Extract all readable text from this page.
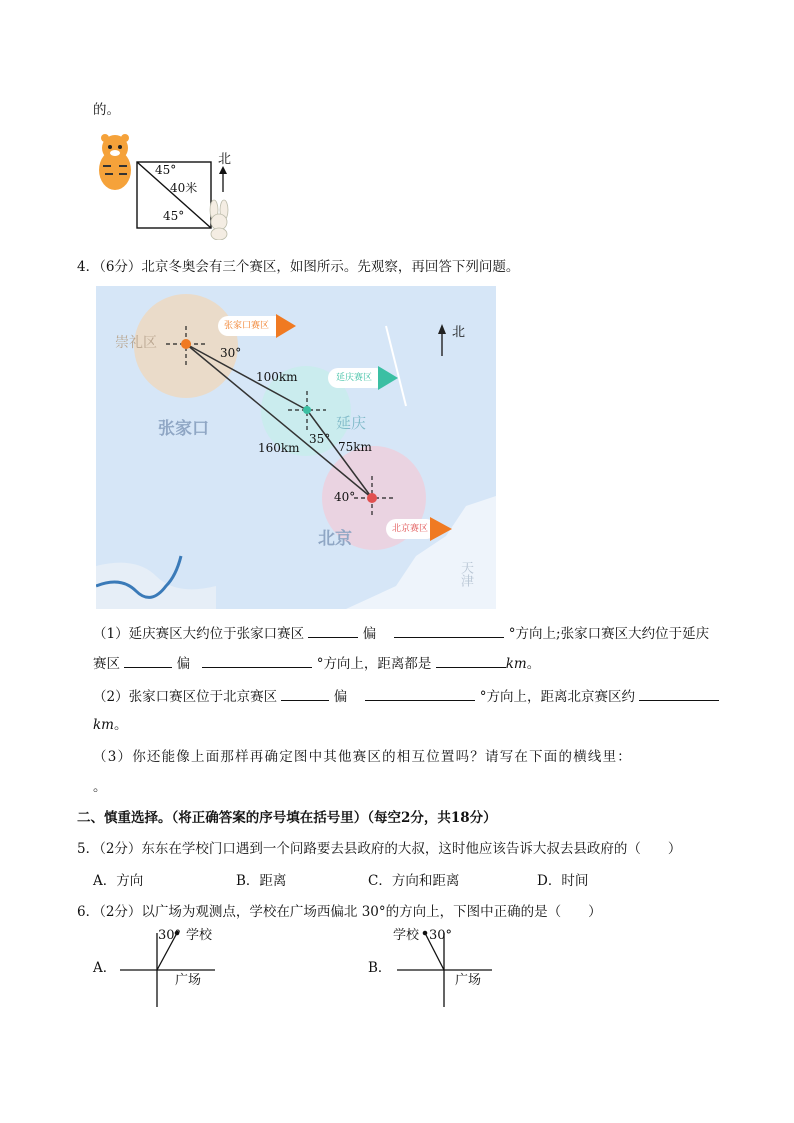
的。
45°
40米
45°
北
4．（6分）北京冬奥会有三个赛区，如图所示。先观察，再回答下列问题。
崇礼区
张家口	延庆
北京
天津
张家口赛区
延庆赛区
北京赛区
30°
35°
40°
100km
160km	75km
北
（1）延庆赛区大约位于张家口赛区	偏	°方向上;张家口赛区大约位于延庆
赛区	偏	°方向上，距离都是	km。
（2）张家口赛区位于北京赛区	偏	°方向上，距离北京赛区约
km。
（3）你还能像上面那样再确定图中其他赛区的相互位置吗？请写在下面的横线里：
。
二、慎重选择。（将正确答案的序号填在括号里）（每空2分，共18分）
5．（2分）东东在学校门口遇到一个问路要去县政府的大叔，这时他应该告诉大叔去县政府的（　　）
A．方向	B．距离	C．方向和距离	D．时间
6．（2分）以广场为观测点，学校在广场西偏北 30°的方向上，下图中正确的是（　　）
A．
30° 学校
广场
B．
学校 30°
广场
